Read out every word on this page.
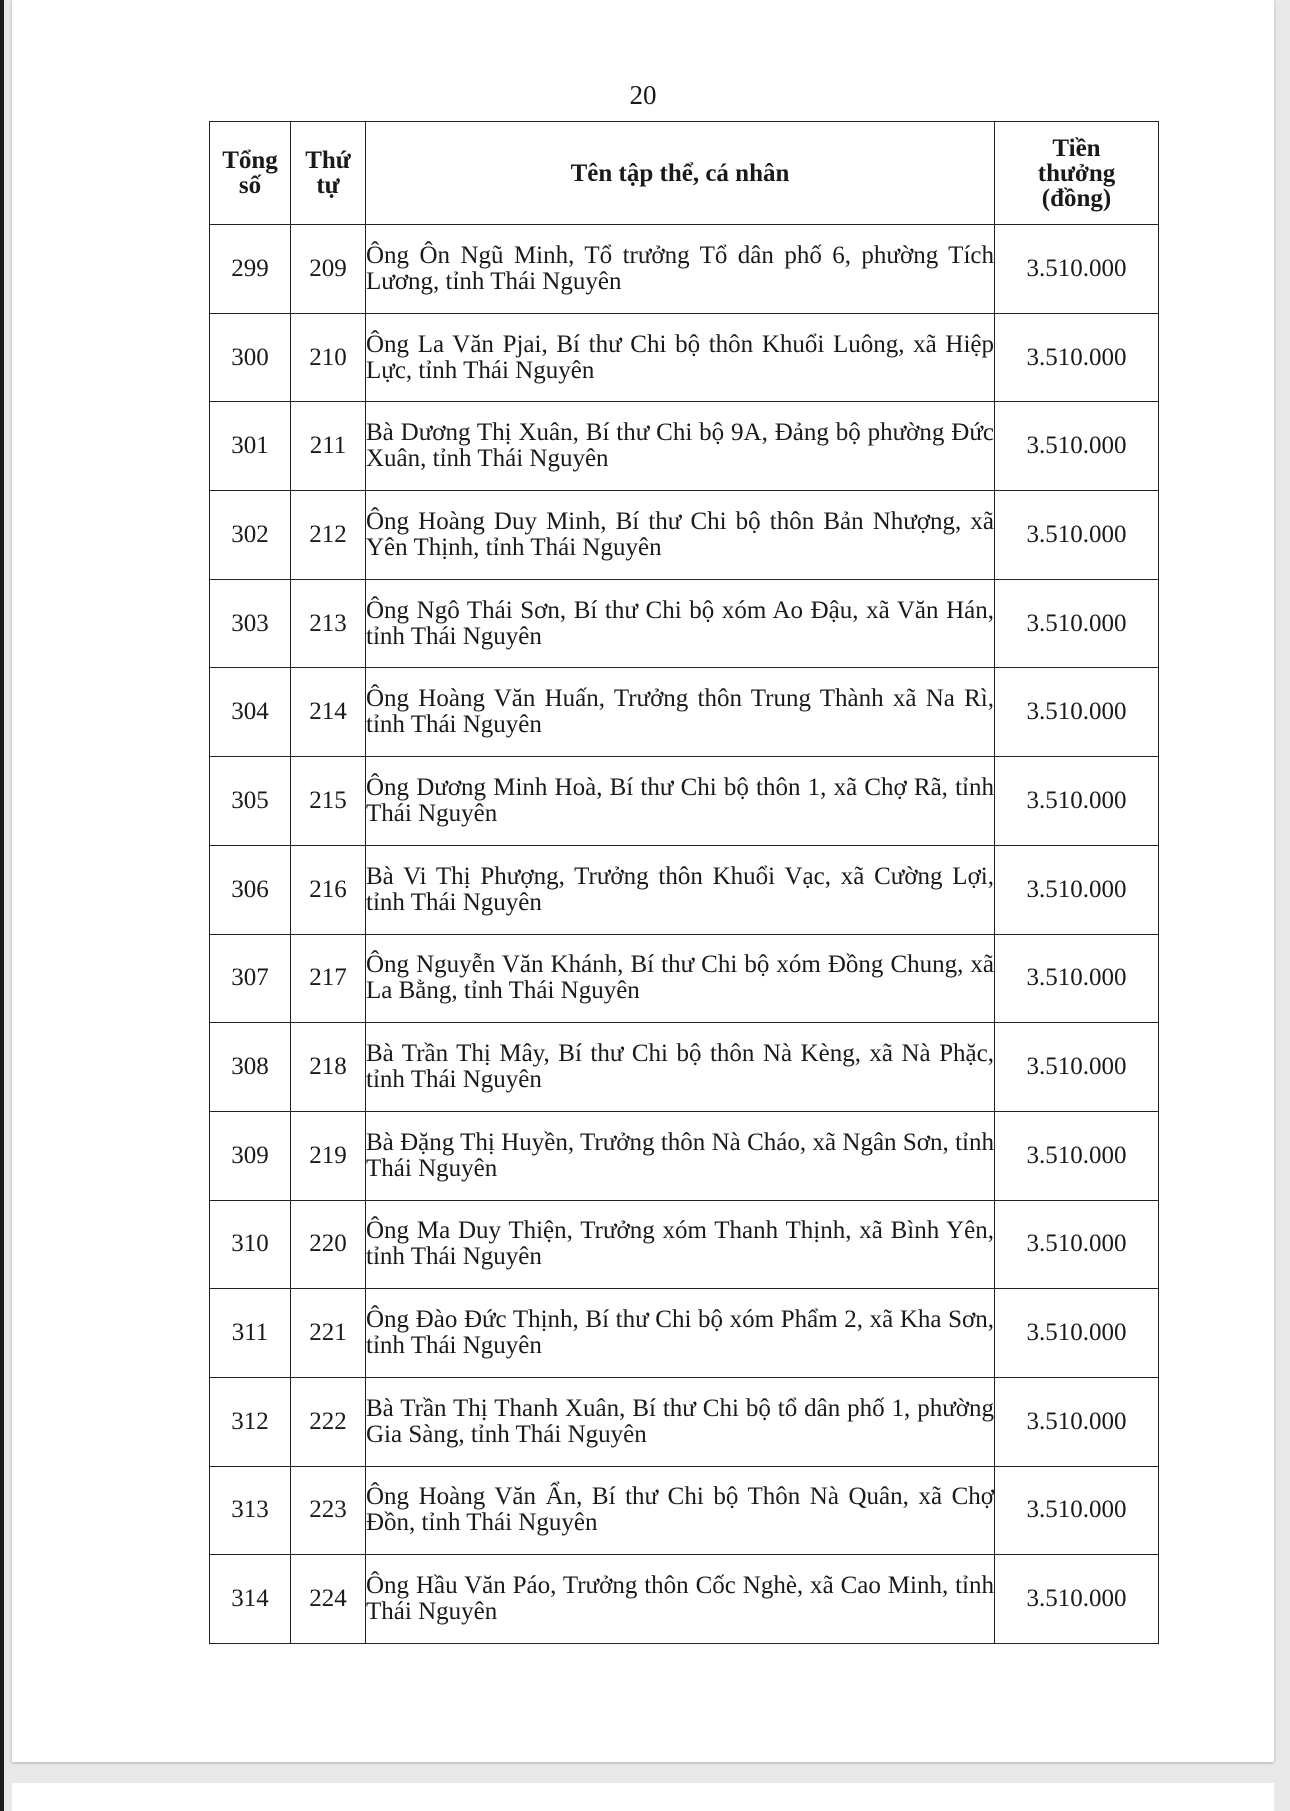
20
Tổng số	Thứ tự	Tên tập thể, cá nhân	Tiền thưởng (đồng)
299	209	Ông Ôn Ngũ Minh, Tổ trưởng Tổ dân phố 6, phường Tích Lương, tỉnh Thái Nguyên	3.510.000
300	210	Ông La Văn Pjai, Bí thư Chi bộ thôn Khuổi Luông, xã Hiệp Lực, tỉnh Thái Nguyên	3.510.000
301	211	Bà Dương Thị Xuân, Bí thư Chi bộ 9A, Đảng bộ phường Đức Xuân, tỉnh Thái Nguyên	3.510.000
302	212	Ông Hoàng Duy Minh, Bí thư Chi bộ thôn Bản Nhượng, xã Yên Thịnh, tỉnh Thái Nguyên	3.510.000
303	213	Ông Ngô Thái Sơn, Bí thư Chi bộ xóm Ao Đậu, xã Văn Hán, tỉnh Thái Nguyên	3.510.000
304	214	Ông Hoàng Văn Huấn, Trưởng thôn Trung Thành xã Na Rì, tỉnh Thái Nguyên	3.510.000
305	215	Ông Dương Minh Hoà, Bí thư Chi bộ thôn 1, xã Chợ Rã, tỉnh Thái Nguyên	3.510.000
306	216	Bà Vi Thị Phượng, Trưởng thôn Khuổi Vạc, xã Cường Lợi, tỉnh Thái Nguyên	3.510.000
307	217	Ông Nguyễn Văn Khánh, Bí thư Chi bộ xóm Đồng Chung, xã La Bằng, tỉnh Thái Nguyên	3.510.000
308	218	Bà Trần Thị Mây, Bí thư Chi bộ thôn Nà Kèng, xã Nà Phặc, tỉnh Thái Nguyên	3.510.000
309	219	Bà Đặng Thị Huyền, Trưởng thôn Nà Cháo, xã Ngân Sơn, tỉnh Thái Nguyên	3.510.000
310	220	Ông Ma Duy Thiện, Trưởng xóm Thanh Thịnh, xã Bình Yên, tỉnh Thái Nguyên	3.510.000
311	221	Ông Đào Đức Thịnh, Bí thư Chi bộ xóm Phẩm 2, xã Kha Sơn, tỉnh Thái Nguyên	3.510.000
312	222	Bà Trần Thị Thanh Xuân, Bí thư Chi bộ tổ dân phố 1, phường Gia Sàng, tỉnh Thái Nguyên	3.510.000
313	223	Ông Hoàng Văn Ẩn, Bí thư Chi bộ Thôn Nà Quân, xã Chợ Đồn, tỉnh Thái Nguyên	3.510.000
314	224	Ông Hầu Văn Páo, Trưởng thôn Cốc Nghè, xã Cao Minh, tỉnh Thái Nguyên	3.510.000
